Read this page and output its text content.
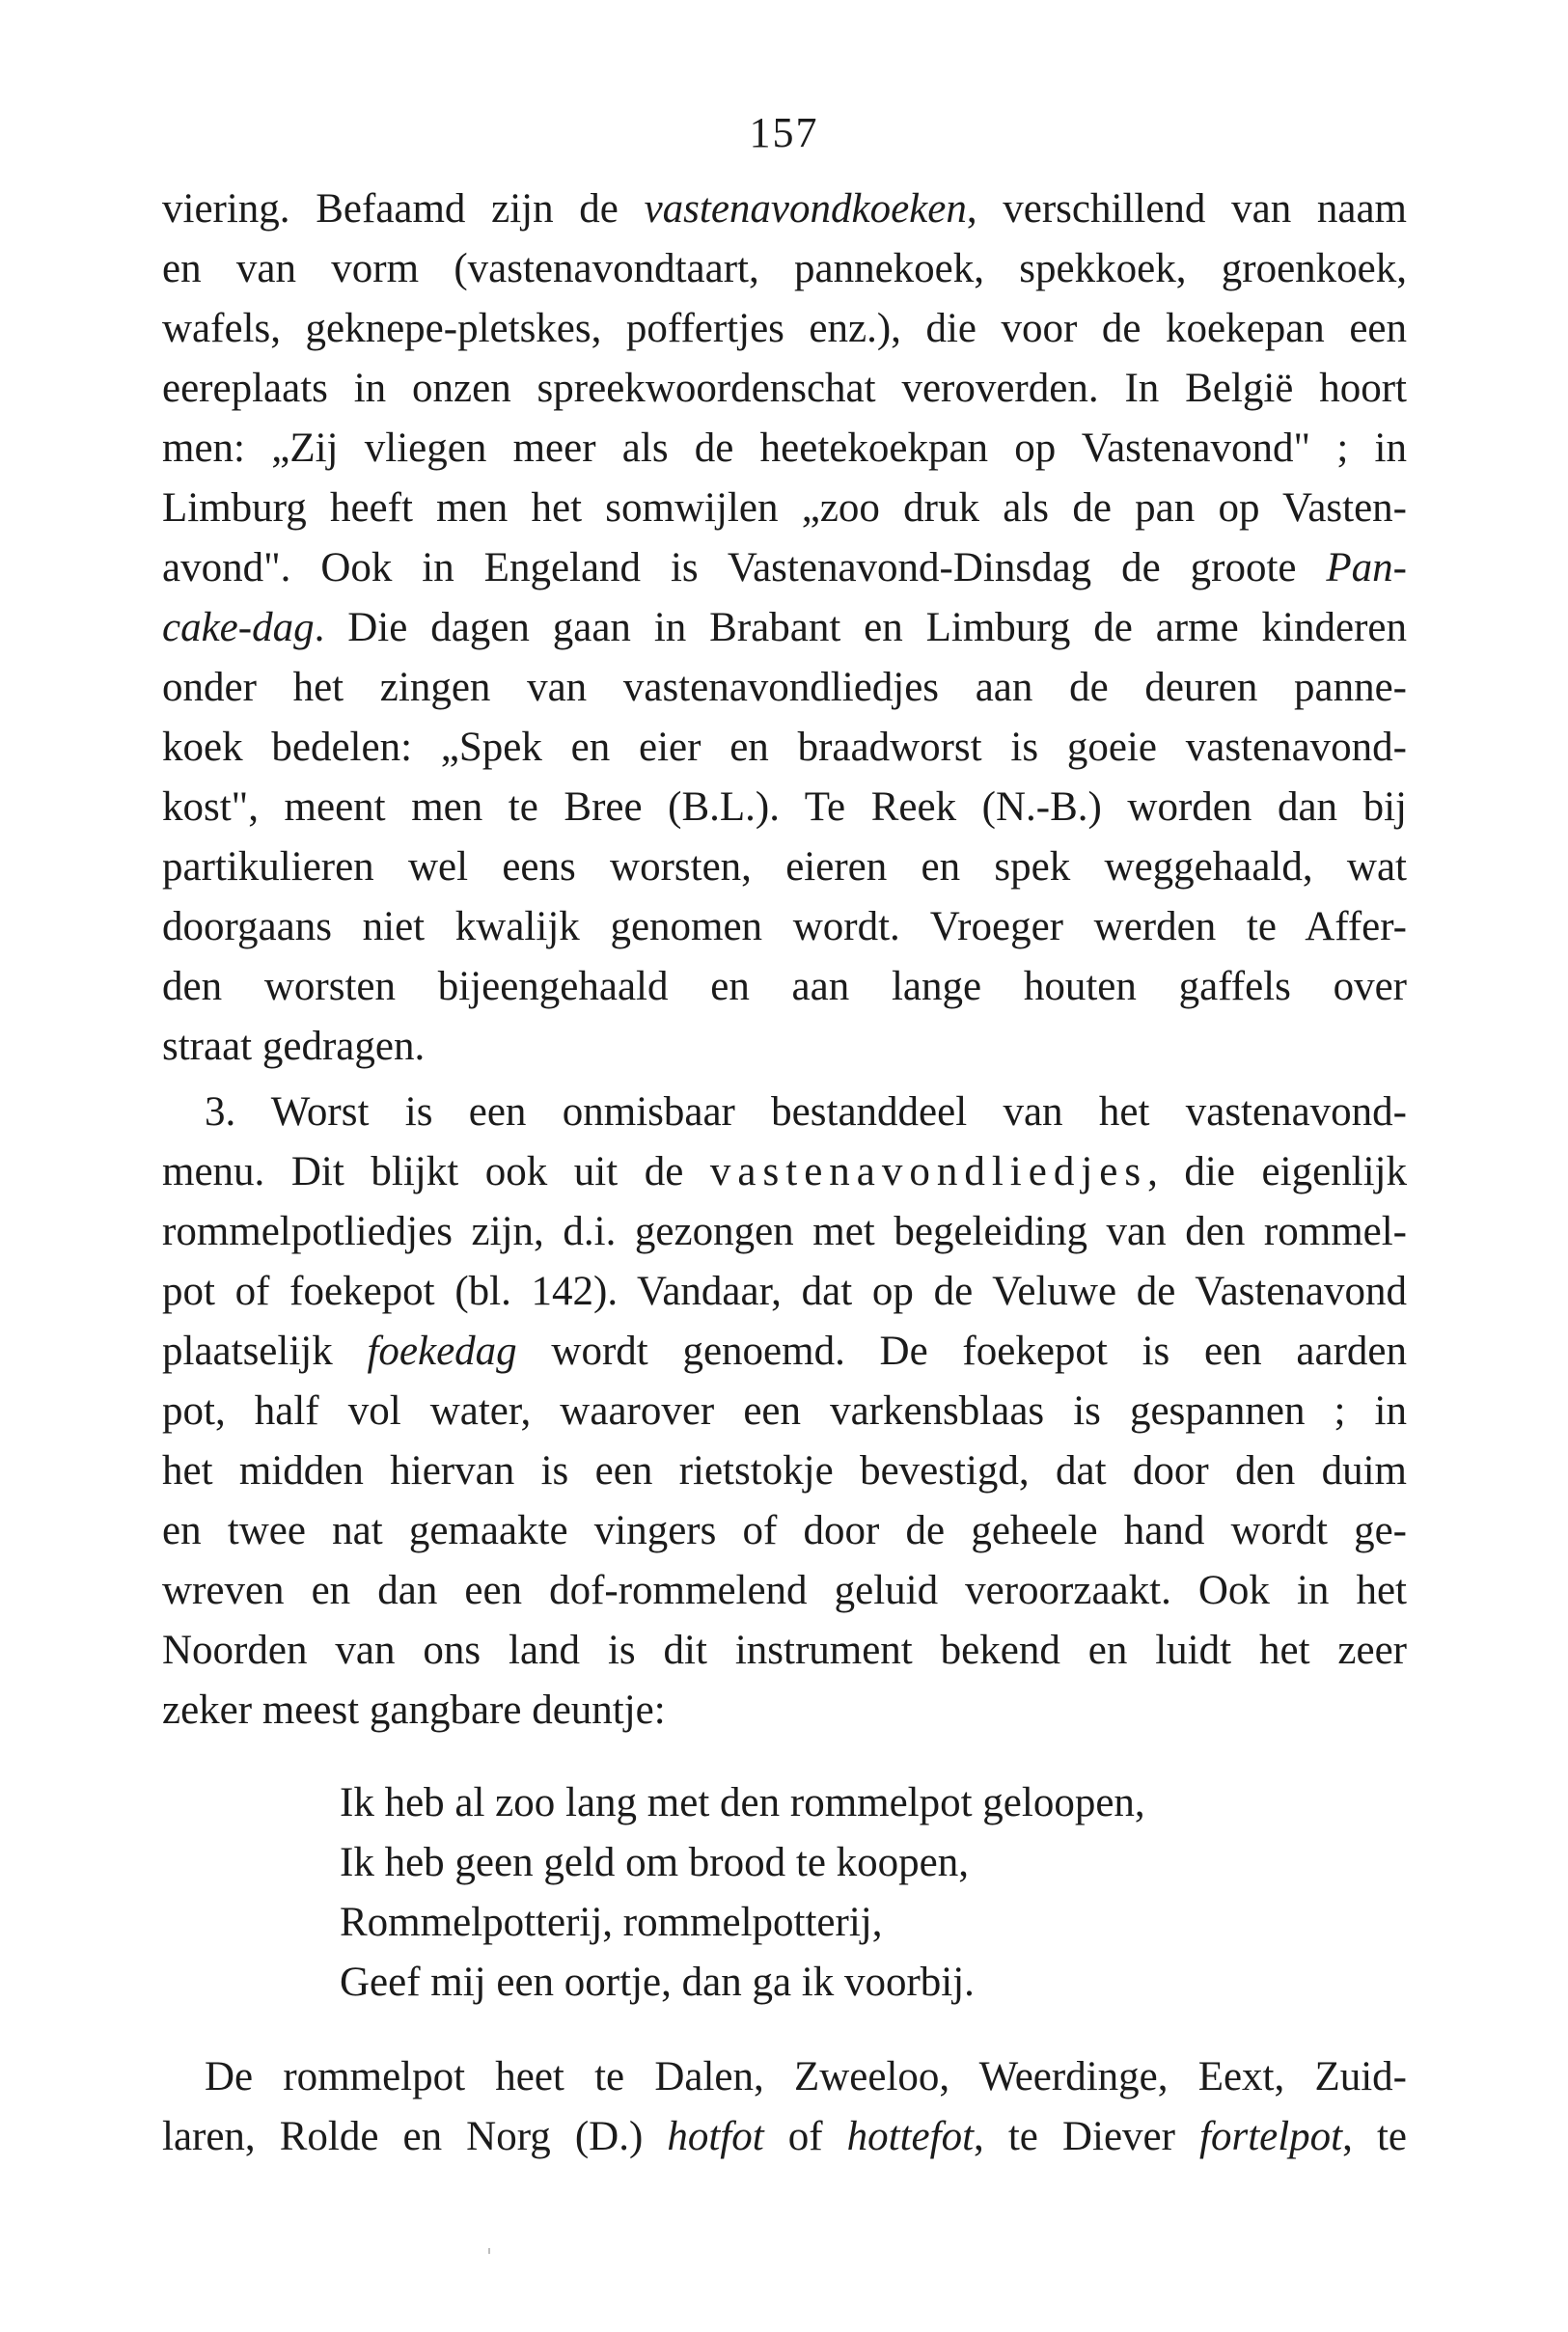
157
viering. Befaamd zijn de vastenavondkoeken, verschillend van naam
en van vorm (vastenavondtaart, pannekoek, spekkoek, groenkoek,
wafels, geknepe-pletskes, poffertjes enz.), die voor de koekepan een
eereplaats in onzen spreekwoordenschat veroverden. In België hoort
men: „Zij vliegen meer als de heetekoekpan op Vastenavond" ; in
Limburg heeft men het somwijlen „zoo druk als de pan op Vasten-
avond". Ook in Engeland is Vastenavond-Dinsdag de groote Pan-
cake-dag. Die dagen gaan in Brabant en Limburg de arme kinderen
onder het zingen van vastenavondliedjes aan de deuren panne-
koek bedelen: „Spek en eier en braadworst is goeie vastenavond-
kost", meent men te Bree (B.L.). Te Reek (N.-B.) worden dan bij
partikulieren wel eens worsten, eieren en spek weggehaald, wat
doorgaans niet kwalijk genomen wordt. Vroeger werden te Affer-
den worsten bijeengehaald en aan lange houten gaffels over
straat gedragen.
3. Worst is een onmisbaar bestanddeel van het vastenavond-
menu. Dit blijkt ook uit de vastenavondliedjes, die eigenlijk
rommelpotliedjes zijn, d.i. gezongen met begeleiding van den rommel-
pot of foekepot (bl. 142). Vandaar, dat op de Veluwe de Vastenavond
plaatselijk foekedag wordt genoemd. De foekepot is een aarden
pot, half vol water, waarover een varkensblaas is gespannen ; in
het midden hiervan is een rietstokje bevestigd, dat door den duim
en twee nat gemaakte vingers of door de geheele hand wordt ge-
wreven en dan een dof-rommelend geluid veroorzaakt. Ook in het
Noorden van ons land is dit instrument bekend en luidt het zeer
zeker meest gangbare deuntje:
Ik heb al zoo lang met den rommelpot geloopen,
Ik heb geen geld om brood te koopen,
Rommelpotterij, rommelpotterij,
Geef mij een oortje, dan ga ik voorbij.
De rommelpot heet te Dalen, Zweeloo, Weerdinge, Eext, Zuid-
laren, Rolde en Norg (D.) hotfot of hottefot, te Diever fortelpot, te
